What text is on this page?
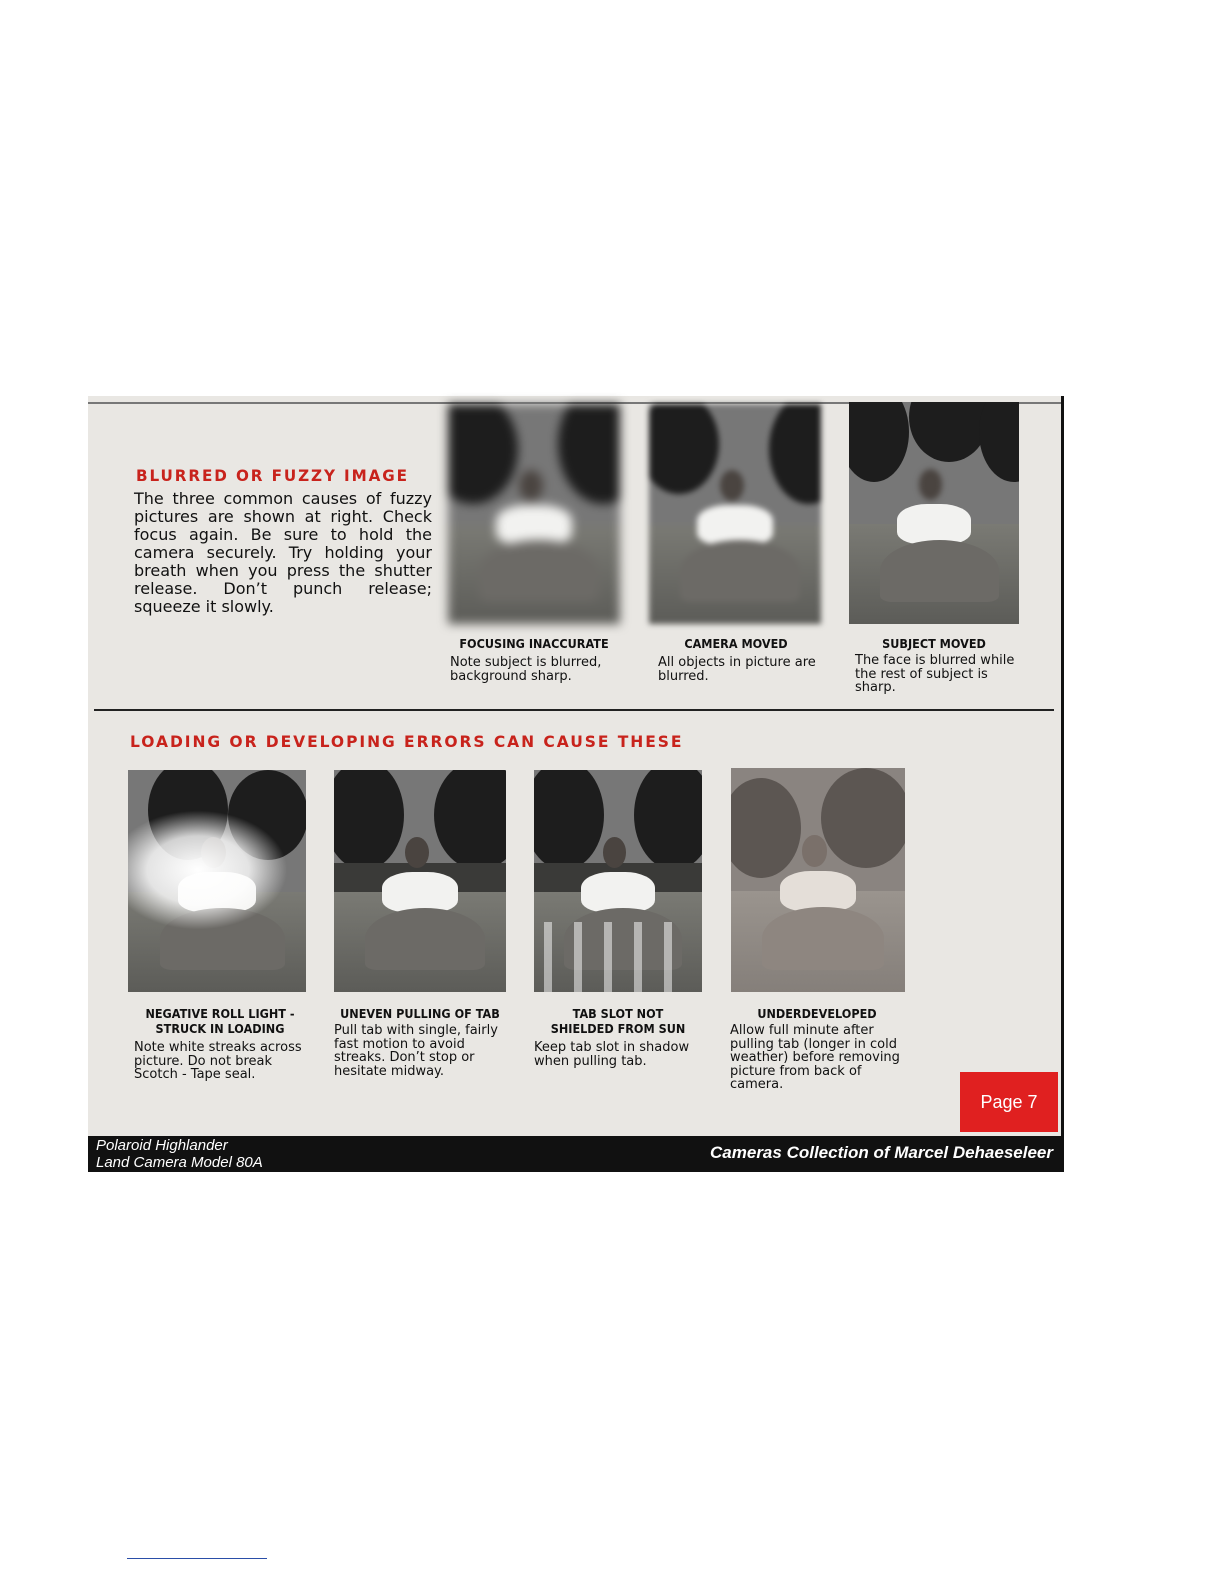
BLURRED OR FUZZY IMAGE
The three common causes of fuzzy pictures are shown at right. Check focus again. Be sure to hold the camera securely. Try holding your breath when you press the shutter release. Don’t punch release; squeeze it slowly.
FOCUSING INACCURATE
Note subject is blurred, background sharp.
CAMERA MOVED
All objects in picture are blurred.
SUBJECT MOVED
The face is blurred while the rest of subject is sharp.
LOADING OR DEVELOPING ERRORS CAN CAUSE THESE
NEGATIVE ROLL LIGHT - STRUCK IN LOADING
Note white streaks across picture. Do not break Scotch - Tape seal.
UNEVEN PULLING OF TAB
Pull tab with single, fairly fast motion to avoid streaks. Don’t stop or hesitate midway.
TAB SLOT NOT SHIELDED FROM SUN
Keep tab slot in shadow when pulling tab.
UNDERDEVELOPED
Allow full minute after pulling tab (longer in cold weather) before removing picture from back of camera.
Page 7
Polaroid Highlander
Land Camera Model 80A
Cameras Collection of Marcel Dehaeseleer
